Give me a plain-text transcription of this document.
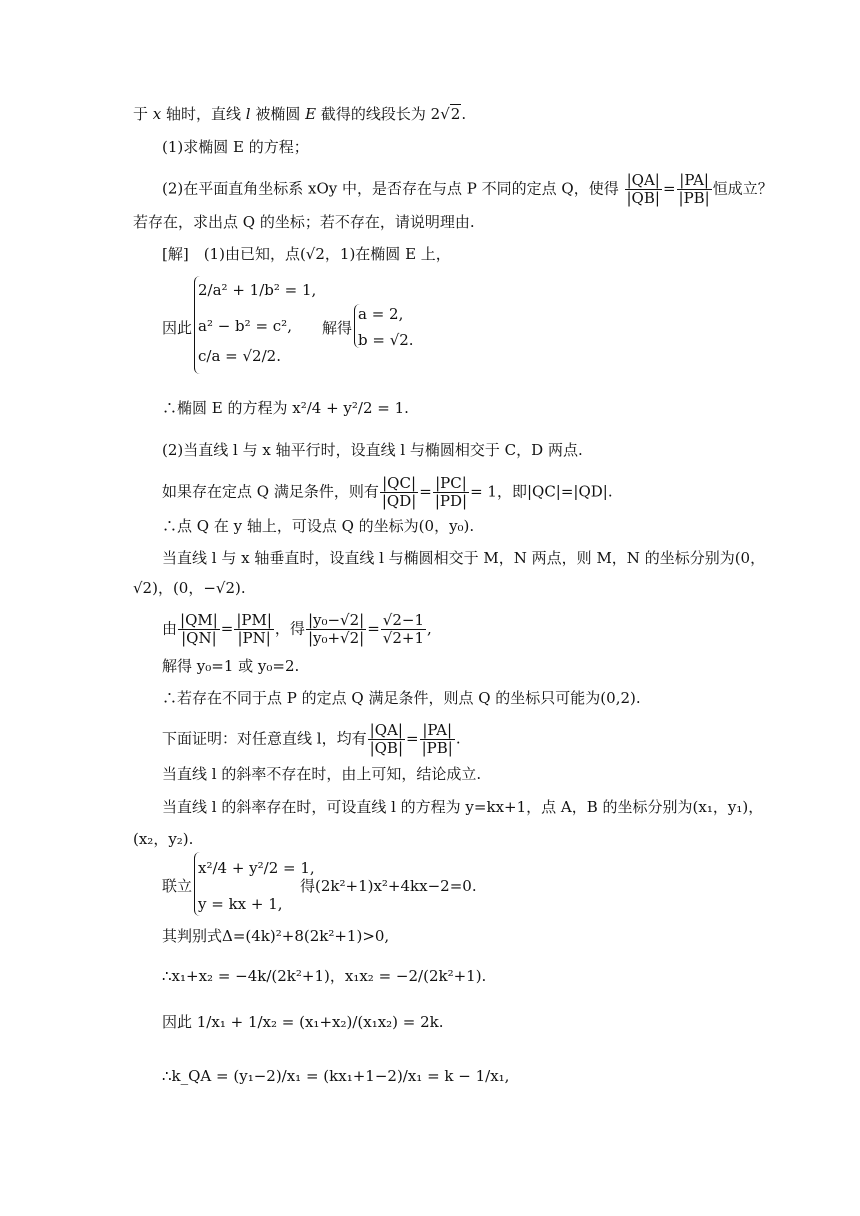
于 x 轴时，直线 l 被椭圆 E 截得的线段长为 2√2.
(1)求椭圆 E 的方程；
(2)在平面直角坐标系 xOy 中，是否存在与点 P 不同的定点 Q，使得 $\frac{|QA|}{|QB|} = \frac{|PA|}{|PB|}$ 恒成立？
若存在，求出点 Q 的坐标；若不存在，请说明理由.
[解]　(1)由已知，点(√2，1)在椭圆 E 上，
因此
2/a² + 1/b² = 1,
a² − b² = c²,
c/a = √2/2.
解得
a = 2,
b = √2.
∴椭圆 E 的方程为 x²/4 + y²/2 = 1.
(2)当直线 l 与 x 轴平行时，设直线 l 与椭圆相交于 C，D 两点.
如果存在定点 Q 满足条件，则有 $\frac{|QC|}{|QD|} = \frac{|PC|}{|PD|} = 1$，即|QC|=|QD|.
∴点 Q 在 y 轴上，可设点 Q 的坐标为(0，y₀).
当直线 l 与 x 轴垂直时，设直线 l 与椭圆相交于 M，N 两点，则 M，N 的坐标分别为(0，
√2)，(0，−√2).
由 $\frac{|QM|}{|QN|} = \frac{|PM|}{|PN|}$ ，得 $\frac{\text{|y₀−√2|}}{\text{|y₀+√2|}} = \frac{√2-1}{√2+1}$ ,
解得 y₀=1 或 y₀=2.
∴若存在不同于点 P 的定点 Q 满足条件，则点 Q 的坐标只可能为(0,2).
下面证明：对任意直线 l，均有 $\frac{|QA|}{|QB|} = \frac{|PA|}{|PB|}$ .
当直线 l 的斜率不存在时，由上可知，结论成立.
当直线 l 的斜率存在时，可设直线 l 的方程为 y=kx+1，点 A，B 的坐标分别为(x₁，y₁)，
(x₂，y₂).
联立
x²/4 + y²/2 = 1,
y = kx + 1,
得(2k²+1)x²+4kx−2=0.
其判别式Δ=(4k)²+8(2k²+1)>0,
∴x₁+x₂ = −4k/(2k²+1)，x₁x₂ = −2/(2k²+1).
因此 1/x₁ + 1/x₂ = (x₁+x₂)/(x₁x₂) = 2k.
∴k_QA = (y₁−2)/x₁ = (kx₁+1−2)/x₁ = k − 1/x₁,
